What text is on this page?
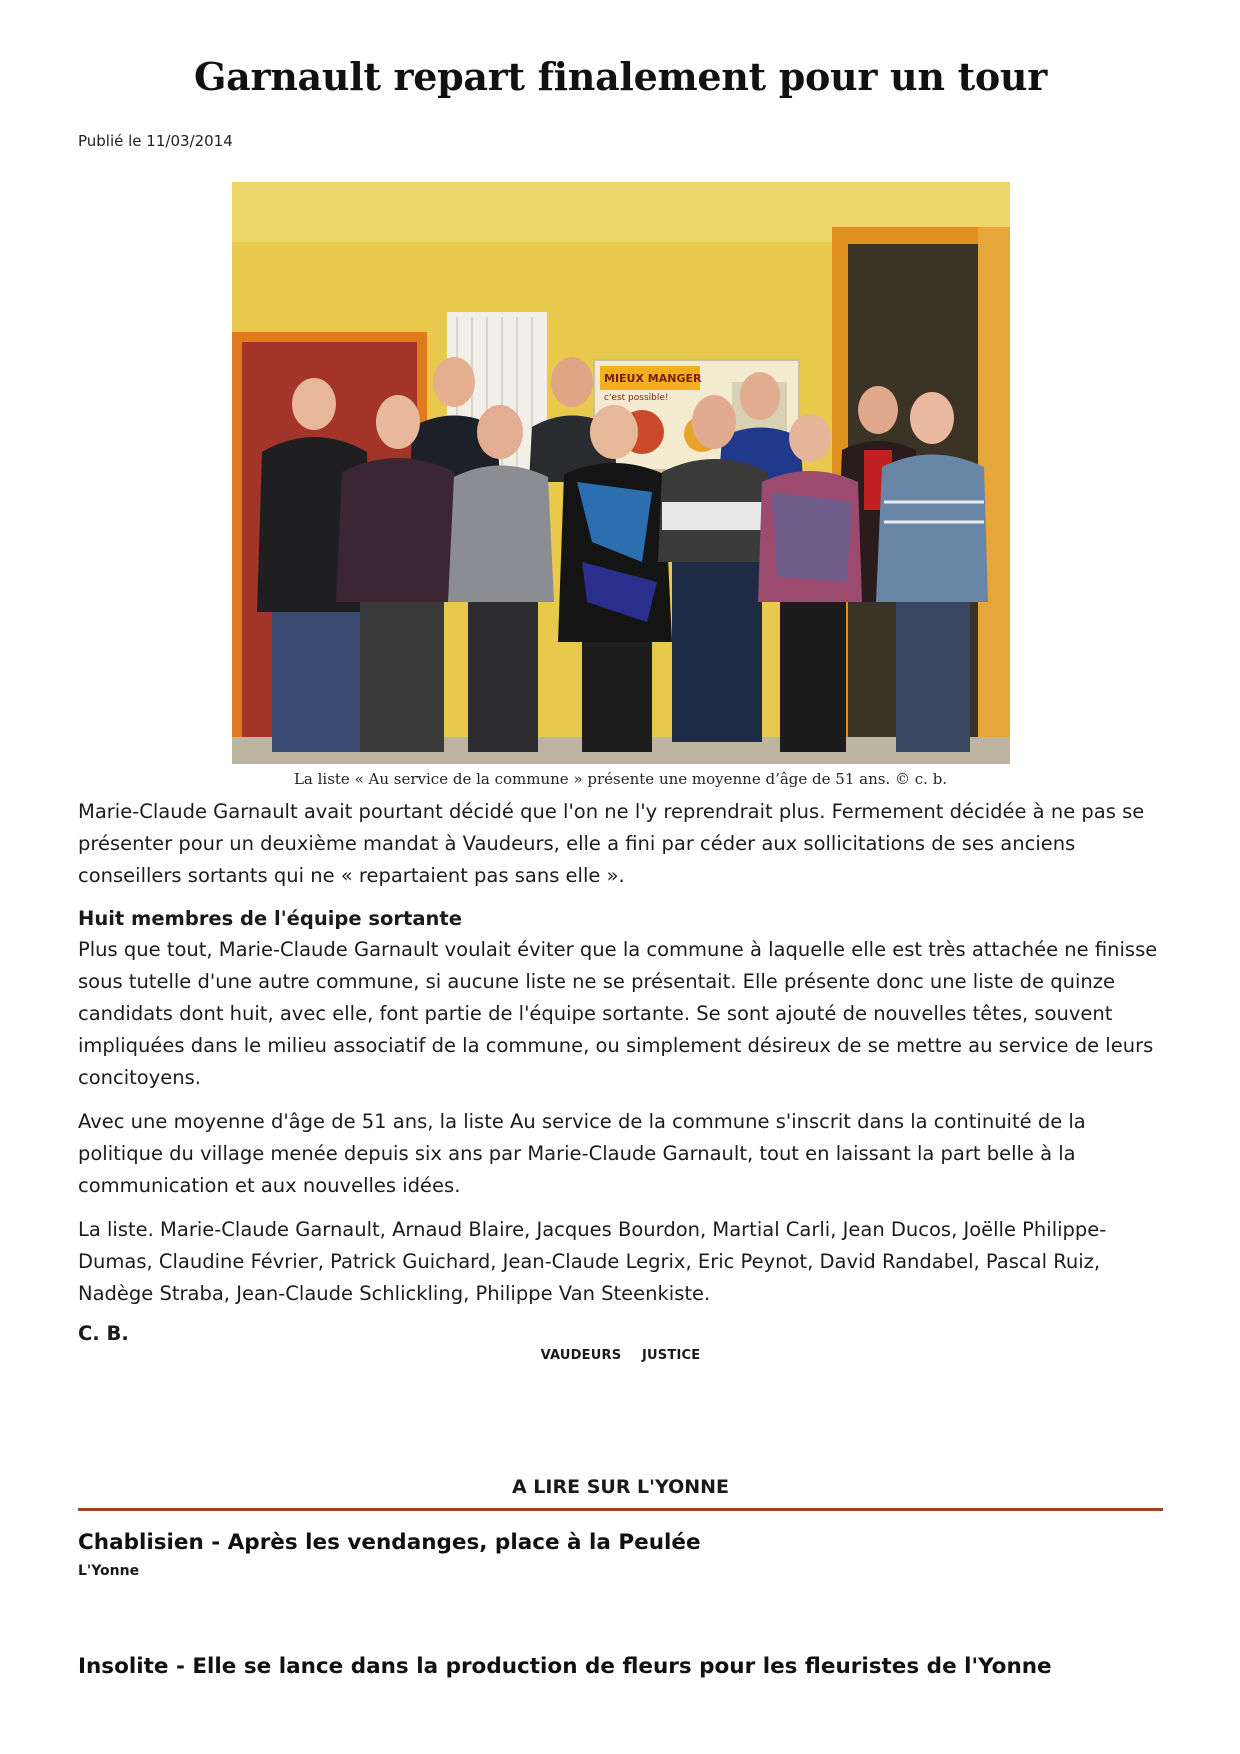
Garnault repart finalement pour un tour
Publié le 11/03/2014
MIEUX MANGER
c'est possible!
La liste « Au service de la commune » présente une moyenne d’âge de 51 ans. © c. b.

Marie-Claude Garnault avait pourtant décidé que l'on ne l'y reprendrait plus. Fermement décidée à ne pas se présenter pour un deuxième mandat à Vaudeurs, elle a fini par céder aux sollicitations de ses anciens conseillers sortants qui ne « repartaient pas sans elle ».

Huit membres de l'équipe sortante

Plus que tout, Marie-Claude Garnault voulait éviter que la commune à laquelle elle est très attachée ne finisse sous tutelle d'une autre commune, si aucune liste ne se présentait. Elle présente donc une liste de quinze candidats dont huit, avec elle, font partie de l'équipe sortante. Se sont ajouté de nouvelles têtes, souvent impliquées dans le milieu associatif de la commune, ou simplement désireux de se mettre au service de leurs concitoyens.

Avec une moyenne d'âge de 51 ans, la liste Au service de la commune s'inscrit dans la continuité de la politique du village menée depuis six ans par Marie-Claude Garnault, tout en laissant la part belle à la communication et aux nouvelles idées.

La liste. Marie-Claude Garnault, Arnaud Blaire, Jacques Bourdon, Martial Carli, Jean Ducos, Joëlle Philippe-Dumas, Claudine Février, Patrick Guichard, Jean-Claude Legrix, Eric Peynot, David Randabel, Pascal Ruiz, Nadège Straba, Jean-Claude Schlickling, Philippe Van Steenkiste.

C. B.
VAUDEURS JUSTICE
A LIRE SUR L'YONNE
Chablisien - Après les vendanges, place à la Peulée
L'Yonne
Insolite - Elle se lance dans la production de fleurs pour les fleuristes de l'Yonne
